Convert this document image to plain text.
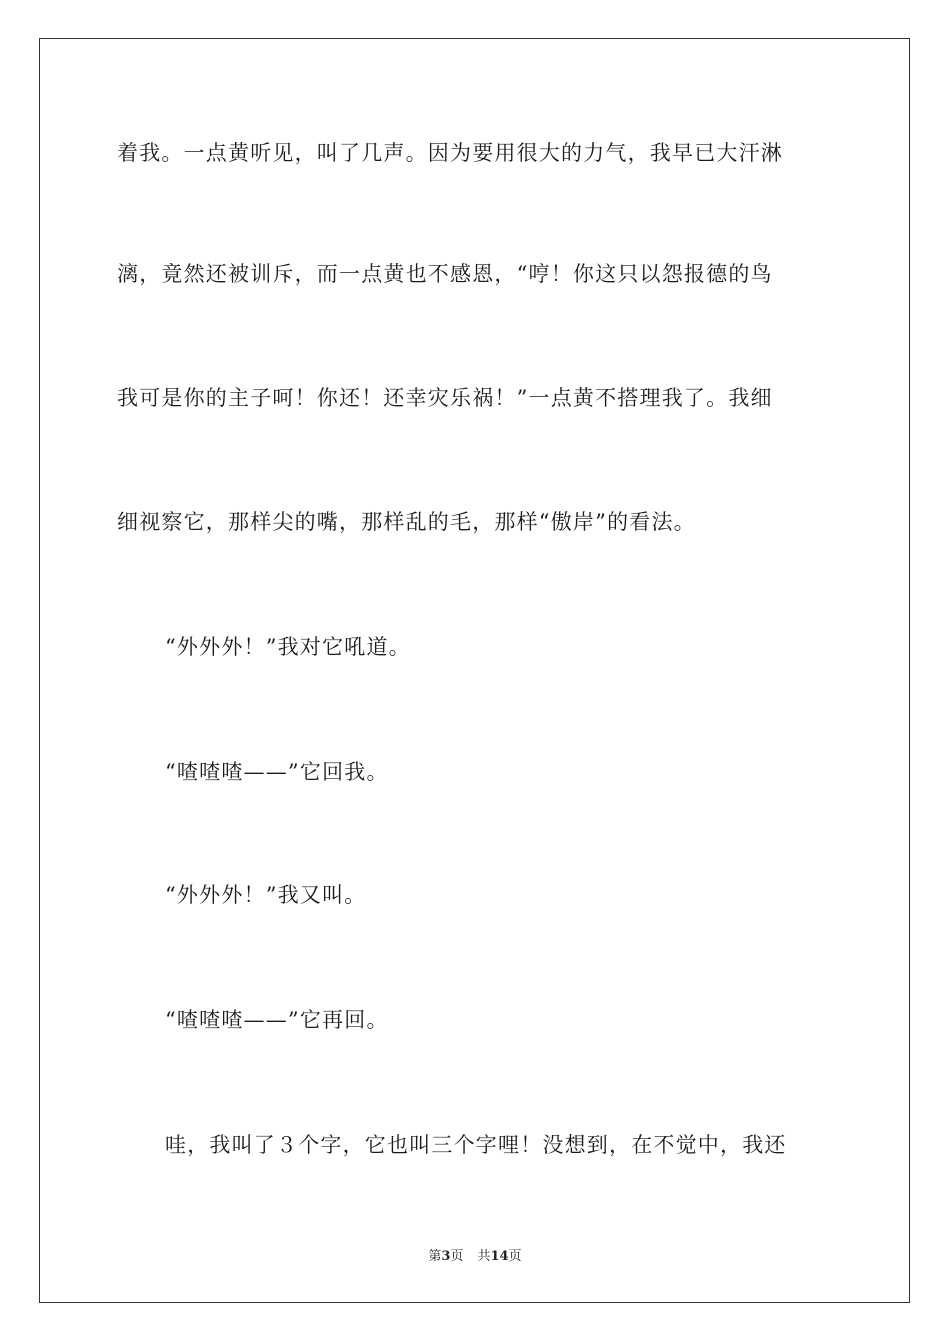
着我。一点黄听见，叫了几声。因为要用很大的力气，我早已大汗淋
漓，竟然还被训斥，而一点黄也不感恩，“哼！你这只以怨报德的鸟
我可是你的主子呵！你还！还幸灾乐祸！”一点黄不搭理我了。我细
细视察它，那样尖的嘴，那样乱的毛，那样“傲岸”的看法。
“外外外！”我对它吼道。
“喳喳喳——”它回我。
“外外外！”我又叫。
“喳喳喳——”它再回。
哇，我叫了３个字，它也叫三个字哩！没想到，在不觉中，我还
第3页 共14页
